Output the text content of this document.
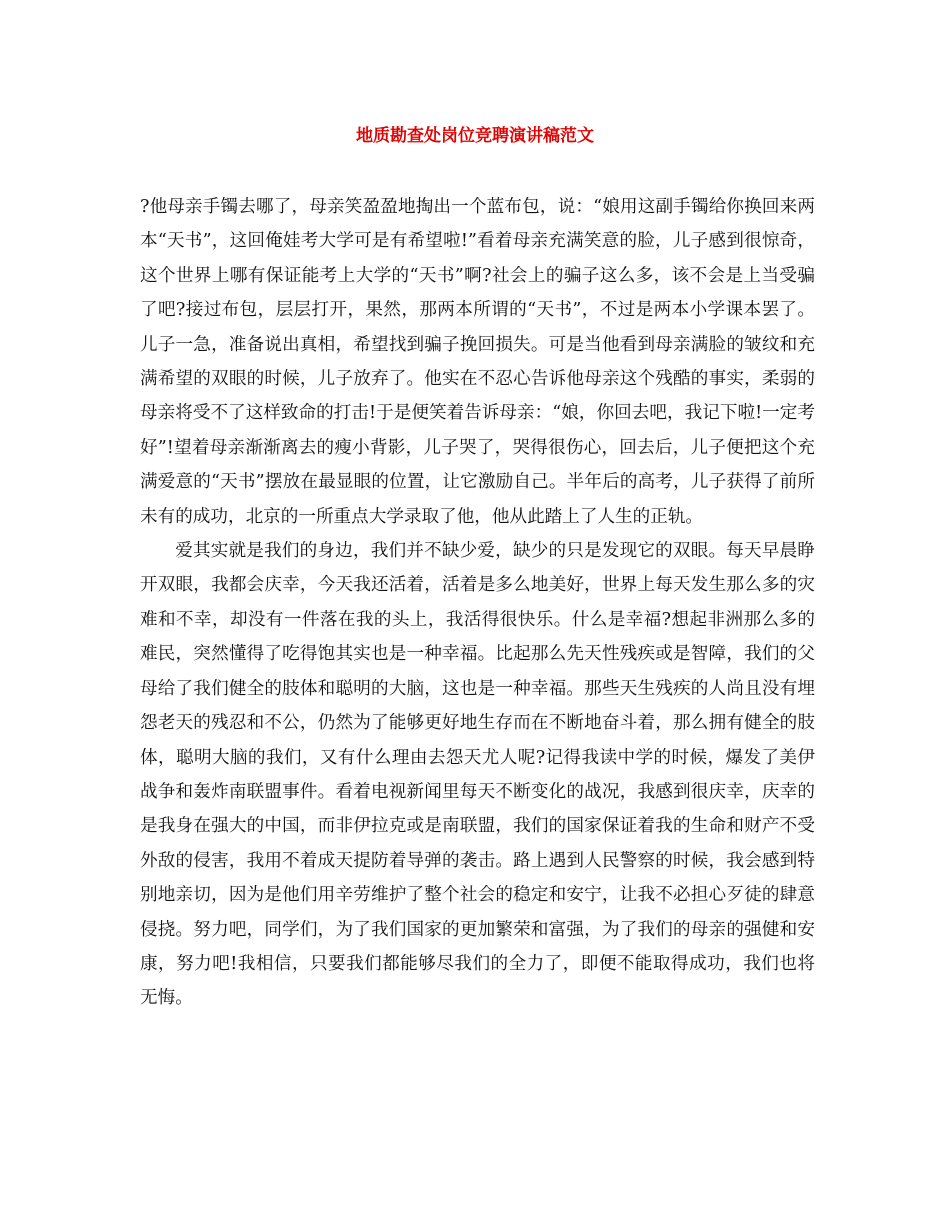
地质勘查处岗位竞聘演讲稿范文

?他母亲手镯去哪了，母亲笑盈盈地掏出一个蓝布包，说：“娘用这副手镯给你换回来两本“天书”，这回俺娃考大学可是有希望啦!”看着母亲充满笑意的脸，儿子感到很惊奇，这个世界上哪有保证能考上大学的“天书”啊?社会上的骗子这么多，该不会是上当受骗了吧?接过布包，层层打开，果然，那两本所谓的“天书”，不过是两本小学课本罢了。儿子一急，准备说出真相，希望找到骗子挽回损失。可是当他看到母亲满脸的皱纹和充满希望的双眼的时候，儿子放弃了。他实在不忍心告诉他母亲这个残酷的事实，柔弱的母亲将受不了这样致命的打击!于是便笑着告诉母亲：“娘，你回去吧，我记下啦!一定考好”!望着母亲渐渐离去的瘦小背影，儿子哭了，哭得很伤心，回去后，儿子便把这个充满爱意的“天书”摆放在最显眼的位置，让它激励自己。半年后的高考，儿子获得了前所未有的成功，北京的一所重点大学录取了他，他从此踏上了人生的正轨。

爱其实就是我们的身边，我们并不缺少爱，缺少的只是发现它的双眼。每天早晨睁开双眼，我都会庆幸，今天我还活着，活着是多么地美好，世界上每天发生那么多的灾难和不幸，却没有一件落在我的头上，我活得很快乐。什么是幸福?想起非洲那么多的难民，突然懂得了吃得饱其实也是一种幸福。比起那么先天性残疾或是智障，我们的父母给了我们健全的肢体和聪明的大脑，这也是一种幸福。那些天生残疾的人尚且没有埋怨老天的残忍和不公，仍然为了能够更好地生存而在不断地奋斗着，那么拥有健全的肢体，聪明大脑的我们，又有什么理由去怨天尤人呢?记得我读中学的时候，爆发了美伊战争和轰炸南联盟事件。看着电视新闻里每天不断变化的战况，我感到很庆幸，庆幸的是我身在强大的中国，而非伊拉克或是南联盟，我们的国家保证着我的生命和财产不受外敌的侵害，我用不着成天提防着导弹的袭击。路上遇到人民警察的时候，我会感到特别地亲切，因为是他们用辛劳维护了整个社会的稳定和安宁，让我不必担心歹徒的肆意侵挠。努力吧，同学们，为了我们国家的更加繁荣和富强，为了我们的母亲的强健和安康，努力吧!我相信，只要我们都能够尽我们的全力了，即便不能取得成功，我们也将无悔。
